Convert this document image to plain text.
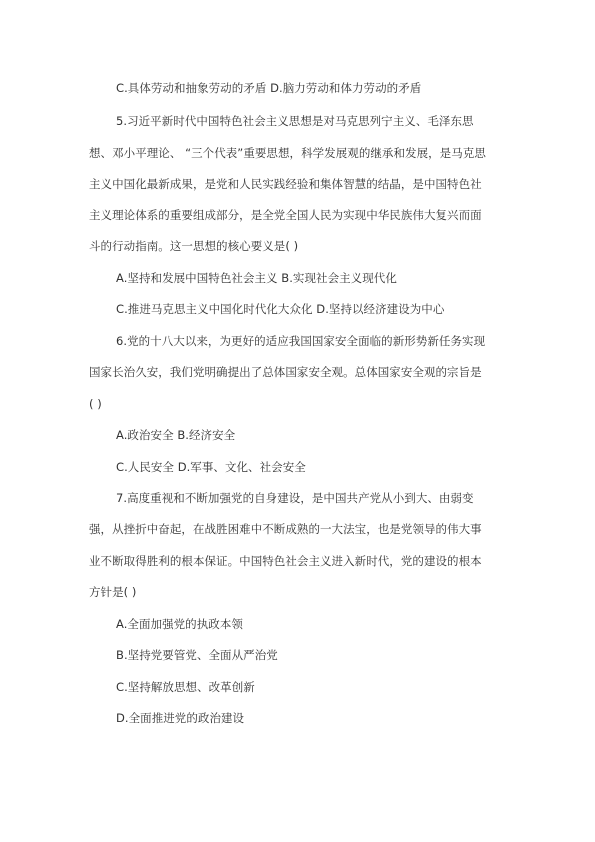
C.具体劳动和抽象劳动的矛盾 D.脑力劳动和体力劳动的矛盾
5.习近平新时代中国特色社会主义思想是对马克思列宁主义、毛泽东思
想、邓小平理论、 “三个代表”重要思想，科学发展观的继承和发展，是马克思
主义中国化最新成果，是党和人民实践经验和集体智慧的结晶，是中国特色社
主义理论体系的重要组成部分，是全党全国人民为实现中华民族伟大复兴而面
斗的行动指南。这一思想的核心要义是( )
A.坚持和发展中国特色社会主义 B.实现社会主义现代化
C.推进马克思主义中国化时代化大众化 D.坚持以经济建设为中心
6.党的十八大以来，为更好的适应我国国家安全面临的新形势新任务实现
国家长治久安，我们党明确提出了总体国家安全观。总体国家安全观的宗旨是
( )
A.政治安全 B.经济安全
C.人民安全 D.军事、文化、社会安全
7.高度重视和不断加强党的自身建设，是中国共产党从小到大、由弱变
强，从挫折中奋起，在战胜困难中不断成熟的一大法宝，也是党领导的伟大事
业不断取得胜利的根本保证。中国特色社会主义进入新时代，党的建设的根本
方针是( )
A.全面加强党的执政本领
B.坚持党要管党、全面从严治党
C.坚持解放思想、改革创新
D.全面推进党的政治建设
